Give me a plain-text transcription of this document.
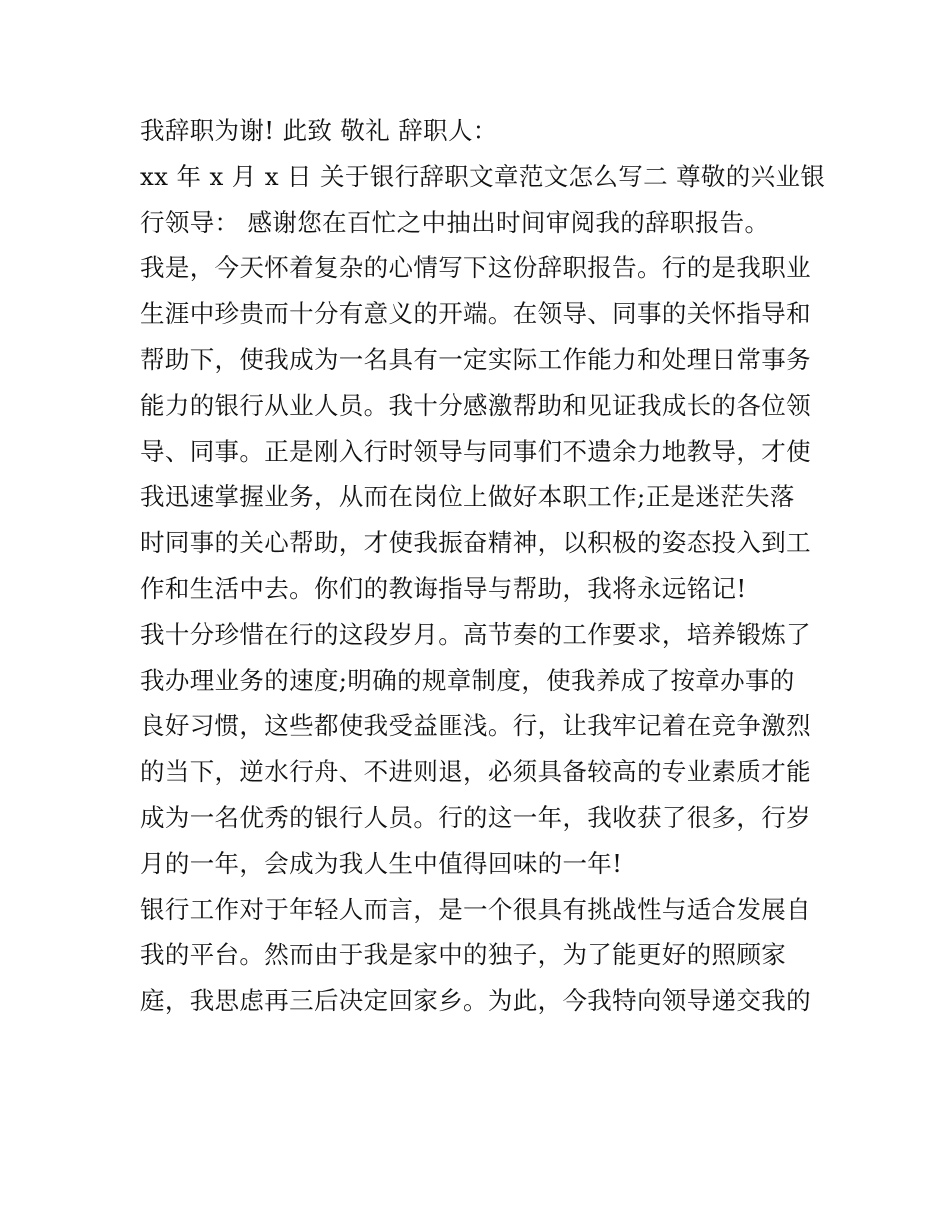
我辞职为谢! 此致 敬礼 辞职人：
xx 年 x 月 x 日 关于银行辞职文章范文怎么写二 尊敬的兴业银
行领导： 感谢您在百忙之中抽出时间审阅我的辞职报告。
我是，今天怀着复杂的心情写下这份辞职报告。行的是我职业
生涯中珍贵而十分有意义的开端。在领导、同事的关怀指导和
帮助下，使我成为一名具有一定实际工作能力和处理日常事务
能力的银行从业人员。我十分感激帮助和见证我成长的各位领
导、同事。正是刚入行时领导与同事们不遗余力地教导，才使
我迅速掌握业务，从而在岗位上做好本职工作;正是迷茫失落
时同事的关心帮助，才使我振奋精神，以积极的姿态投入到工
作和生活中去。你们的教诲指导与帮助，我将永远铭记!
我十分珍惜在行的这段岁月。高节奏的工作要求，培养锻炼了
我办理业务的速度;明确的规章制度，使我养成了按章办事的
良好习惯，这些都使我受益匪浅。行，让我牢记着在竞争激烈
的当下，逆水行舟、不进则退，必须具备较高的专业素质才能
成为一名优秀的银行人员。行的这一年，我收获了很多，行岁
月的一年，会成为我人生中值得回味的一年!
银行工作对于年轻人而言，是一个很具有挑战性与适合发展自
我的平台。然而由于我是家中的独子，为了能更好的照顾家
庭，我思虑再三后决定回家乡。为此，今我特向领导递交我的
